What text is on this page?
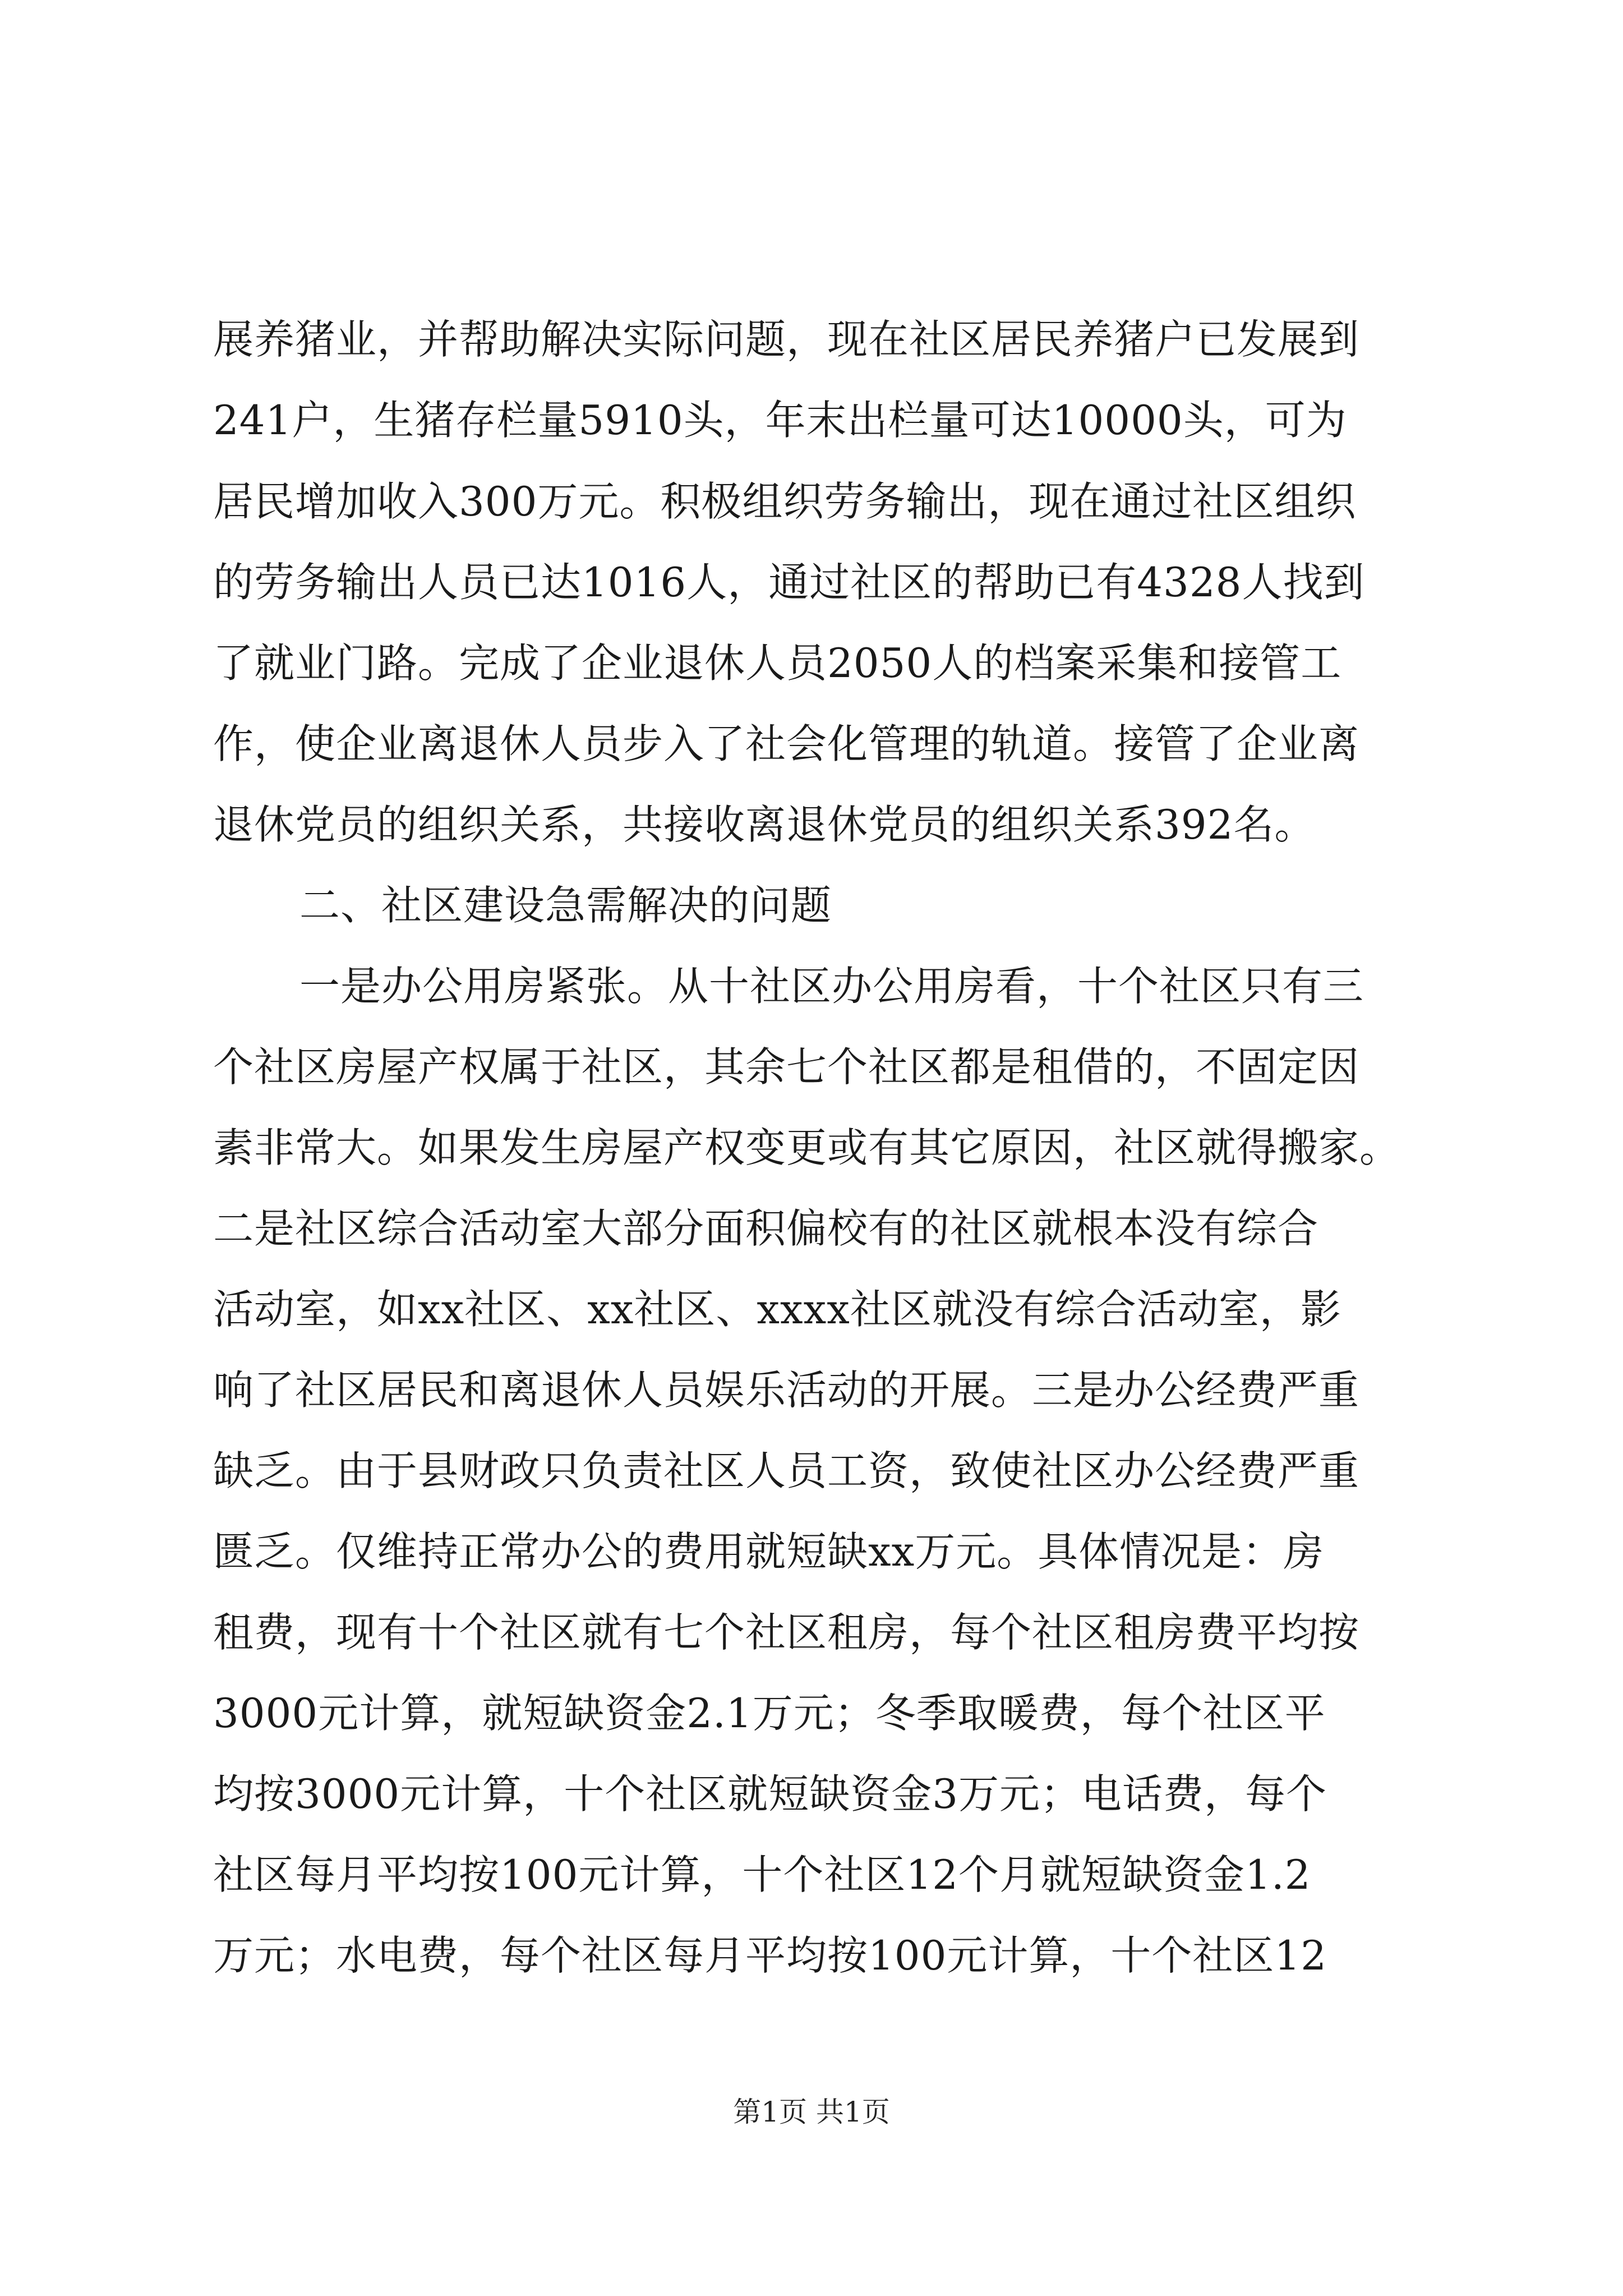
展养猪业，并帮助解决实际问题，现在社区居民养猪户已发展到
241户，生猪存栏量5910头，年末出栏量可达10000头，可为
居民增加收入300万元。积极组织劳务输出，现在通过社区组织
的劳务输出人员已达1016人，通过社区的帮助已有4328人找到
了就业门路。完成了企业退休人员2050人的档案采集和接管工
作，使企业离退休人员步入了社会化管理的轨道。接管了企业离
退休党员的组织关系，共接收离退休党员的组织关系392名。
二、社区建设急需解决的问题
一是办公用房紧张。从十社区办公用房看，十个社区只有三
个社区房屋产权属于社区，其余七个社区都是租借的，不固定因
素非常大。如果发生房屋产权变更或有其它原因，社区就得搬家。
二是社区综合活动室大部分面积偏校有的社区就根本没有综合
活动室，如xx社区、xx社区、xxxx社区就没有综合活动室，影
响了社区居民和离退休人员娱乐活动的开展。三是办公经费严重
缺乏。由于县财政只负责社区人员工资，致使社区办公经费严重
匮乏。仅维持正常办公的费用就短缺xx万元。具体情况是：房
租费，现有十个社区就有七个社区租房，每个社区租房费平均按
3000元计算，就短缺资金2.1万元；冬季取暖费，每个社区平
均按3000元计算，十个社区就短缺资金3万元；电话费，每个
社区每月平均按100元计算，十个社区12个月就短缺资金1.2
万元；水电费，每个社区每月平均按100元计算，十个社区12
第1页 共1页
